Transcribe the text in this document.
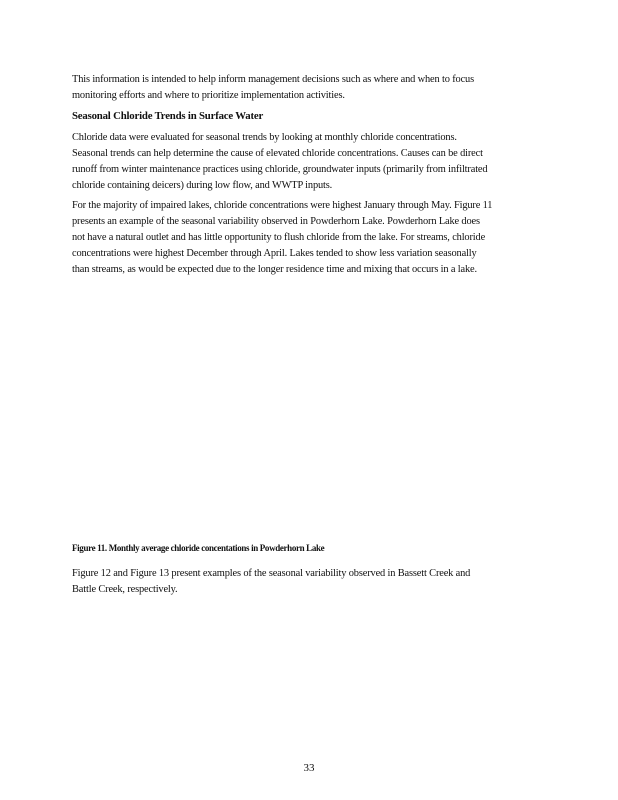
This information is intended to help inform management decisions such as where and when to focus
monitoring efforts and where to prioritize implementation activities.

Seasonal Chloride Trends in Surface Water

Chloride data were evaluated for seasonal trends by looking at monthly chloride concentrations.
Seasonal trends can help determine the cause of elevated chloride concentrations. Causes can be direct
runoff from winter maintenance practices using chloride, groundwater inputs (primarily from infiltrated
chloride containing deicers) during low flow, and WWTP inputs.

For the majority of impaired lakes, chloride concentrations were highest January through May. Figure 11
presents an example of the seasonal variability observed in Powderhorn Lake. Powderhorn Lake does
not have a natural outlet and has little opportunity to flush chloride from the lake. For streams, chloride
concentrations were highest December through April. Lakes tended to show less variation seasonally
than streams, as would be expected due to the longer residence time and mixing that occurs in a lake.

Figure 11. Monthly average chloride concentations in Powderhorn Lake

Figure 12 and Figure 13 present examples of the seasonal variability observed in Bassett Creek and
Battle Creek, respectively.

33
